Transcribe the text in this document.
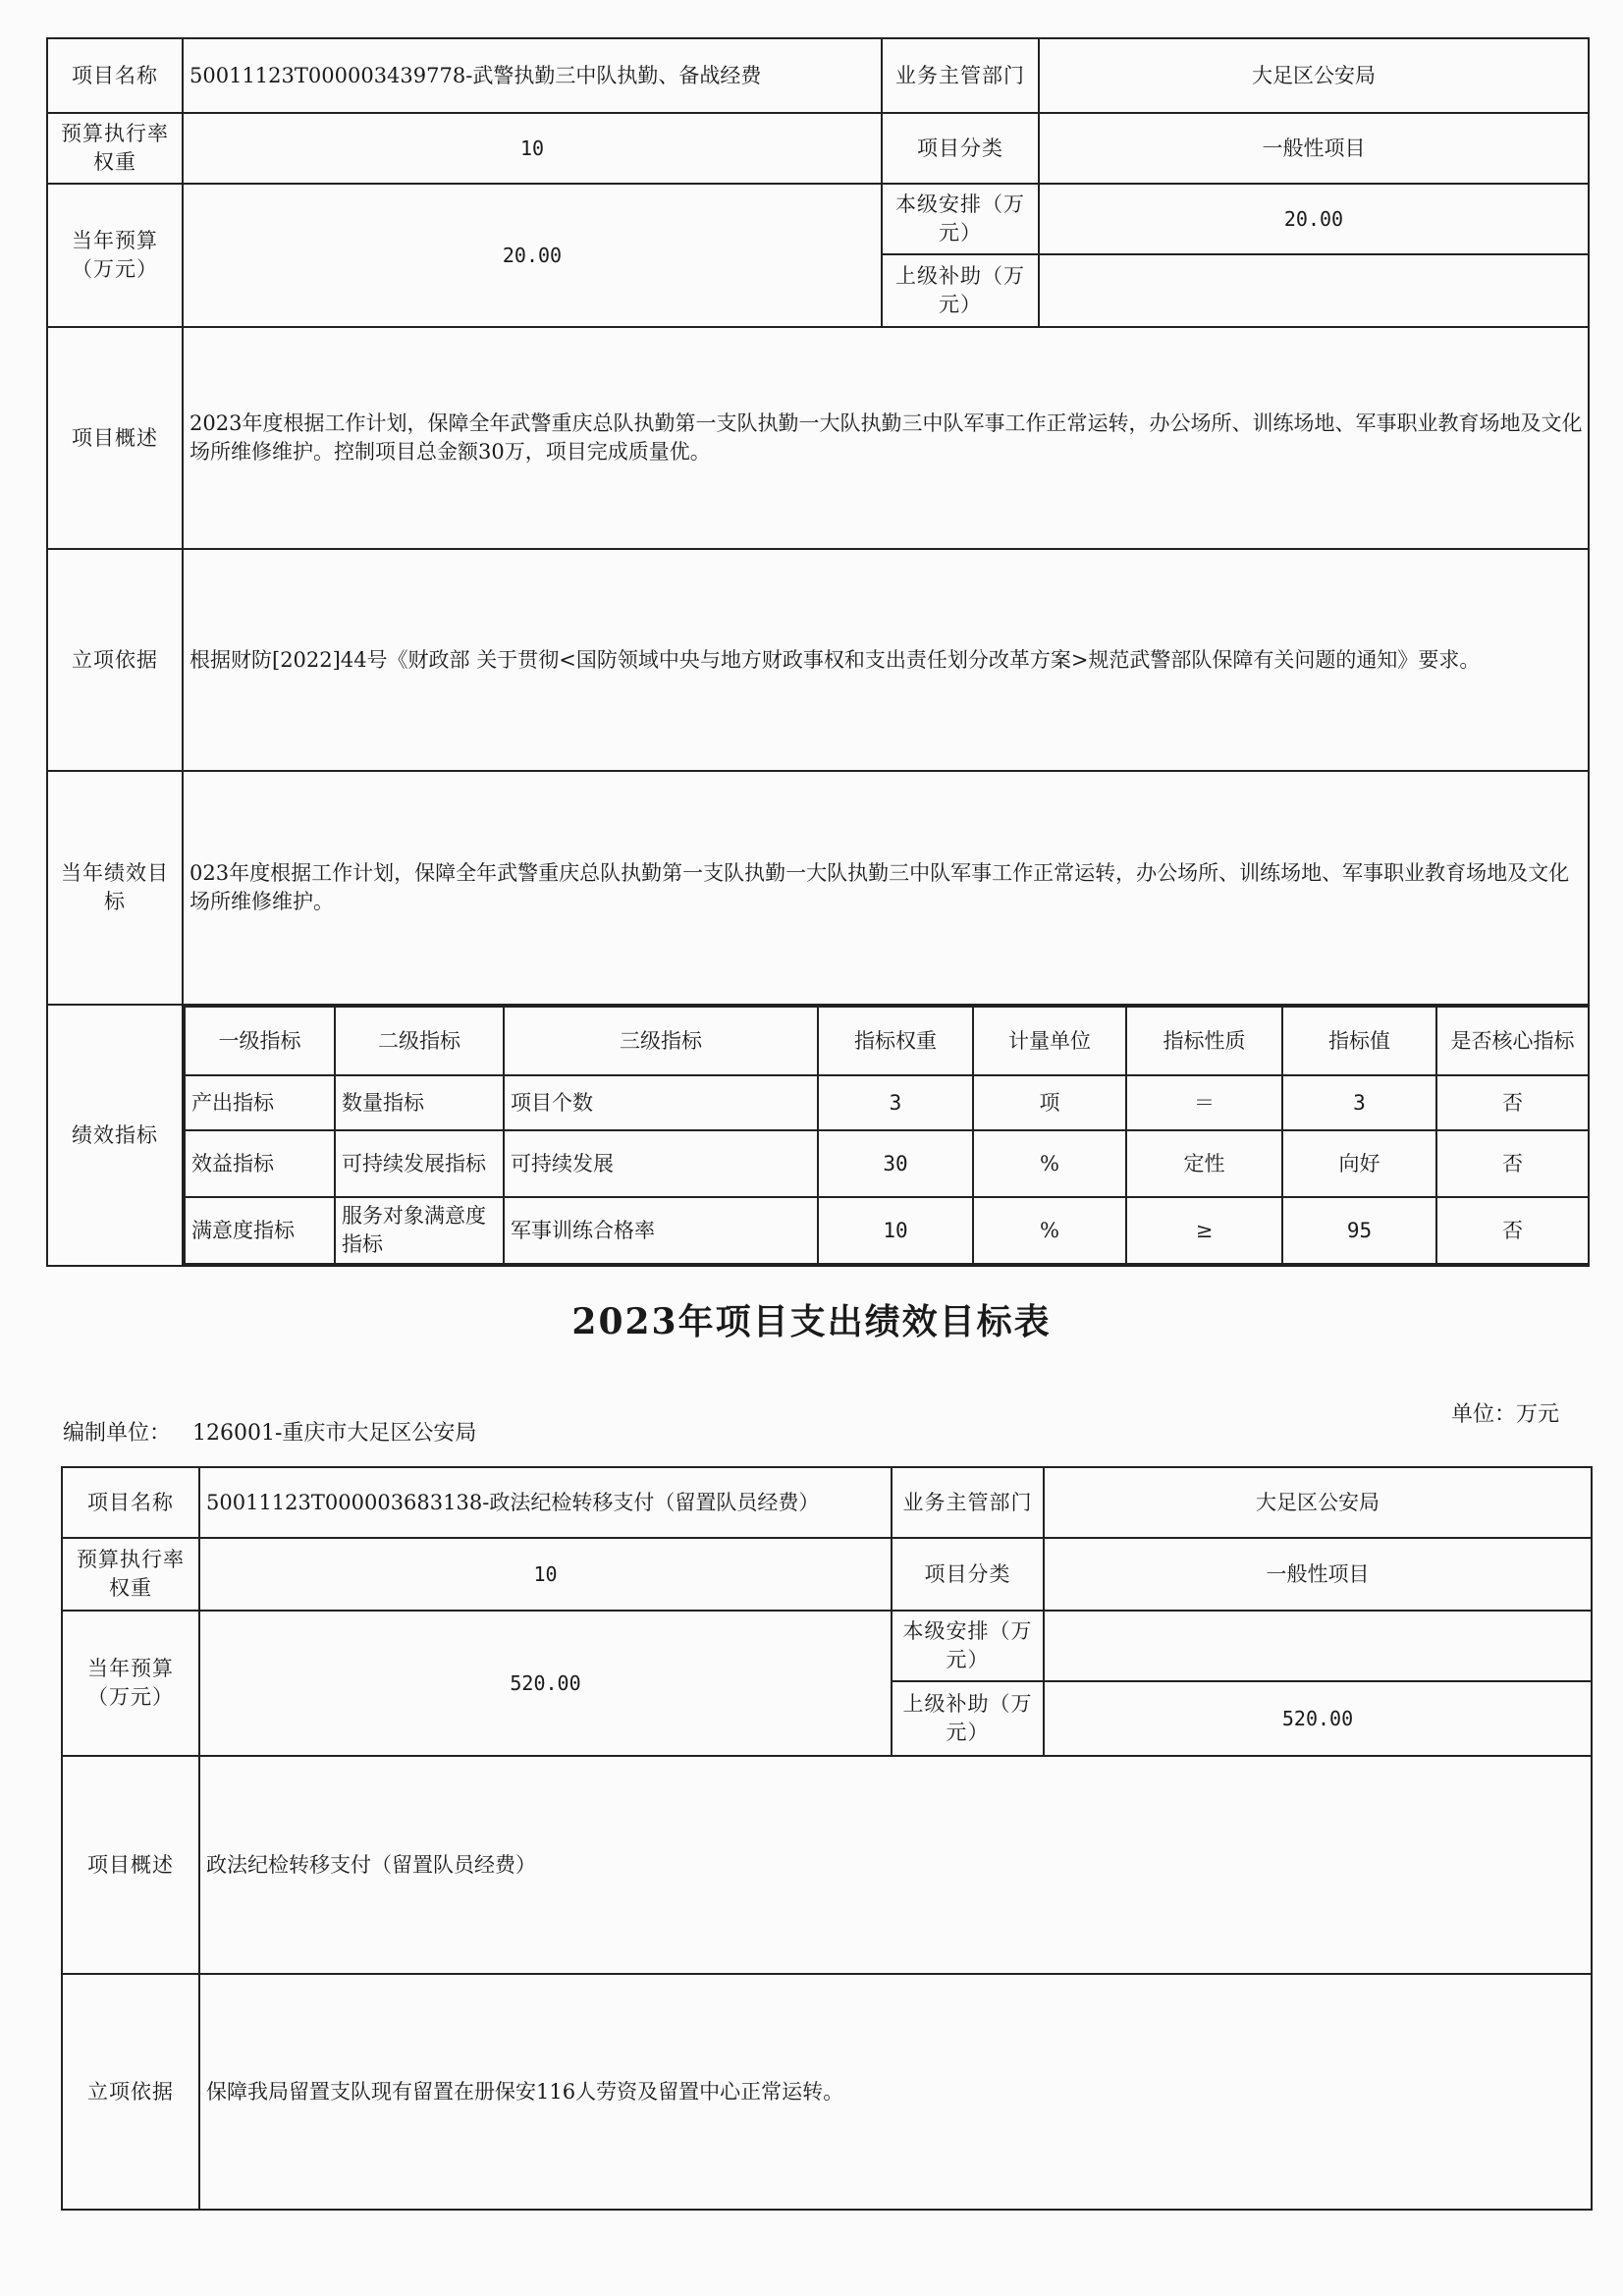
项目名称	50011123T000003439778-武警执勤三中队执勤、备战经费	业务主管部门	大足区公安局
预算执行率权重	10	项目分类	一般性项目
当年预算（万元）	20.00	本级安排（万元）	20.00
上级补助（万元）	
项目概述	2023年度根据工作计划，保障全年武警重庆总队执勤第一支队执勤一大队执勤三中队军事工作正常运转，办公场所、训练场地、军事职业教育场地及文化场所维修维护。控制项目总金额30万，项目完成质量优。
立项依据	根据财防[2022]44号《财政部 关于贯彻<国防领域中央与地方财政事权和支出责任划分改革方案>规范武警部队保障有关问题的通知》要求。
当年绩效目标	023年度根据工作计划，保障全年武警重庆总队执勤第一支队执勤一大队执勤三中队军事工作正常运转，办公场所、训练场地、军事职业教育场地及文化场所维修维护。
绩效指标	
一级指标	二级指标	三级指标	指标权重	计量单位	指标性质	指标值	是否核心指标
产出指标	数量指标	项目个数	3	项	＝	3	否
效益指标	可持续发展指标	可持续发展	30	%	定性	向好	否
满意度指标	服务对象满意度指标	军事训练合格率	10	%	≥	95	否
2023年项目支出绩效目标表
单位：万元
编制单位： 126001-重庆市大足区公安局
项目名称	50011123T000003683138-政法纪检转移支付（留置队员经费）	业务主管部门	大足区公安局
预算执行率权重	10	项目分类	一般性项目
当年预算（万元）	520.00	本级安排（万元）	
		上级补助（万元）	520.00
项目概述	政法纪检转移支付（留置队员经费）		
立项依据	保障我局留置支队现有留置在册保安116人劳资及留置中心正常运转。		
